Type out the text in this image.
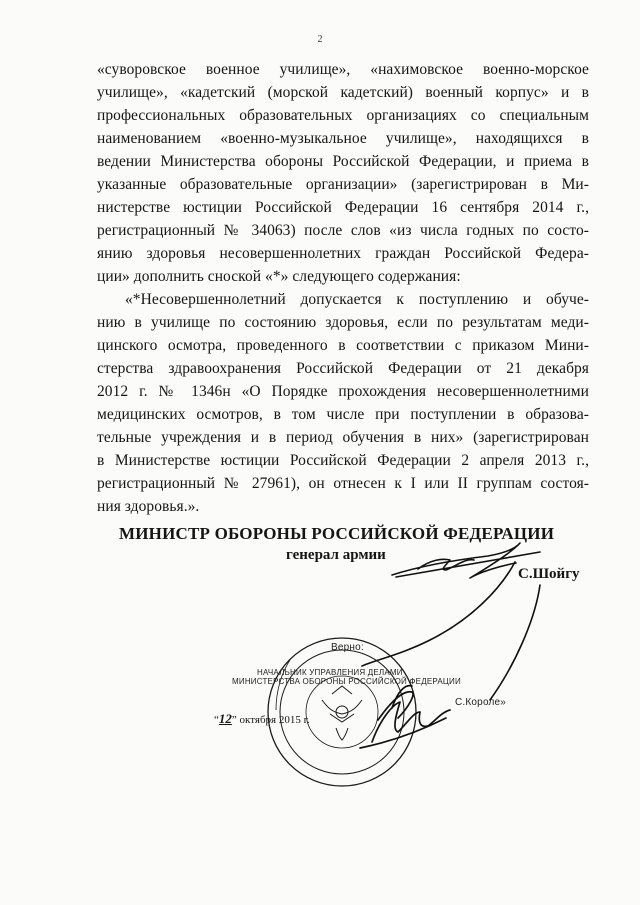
2

«суворовское военное училище», «нахимовское военно-морское

училище», «кадетский (морской кадетский) военный корпус» и в

профессиональных образовательных организациях со специальным

наименованием «военно-музыкальное училище», находящихся в

ведении Министерства обороны Российской Федерации, и приема в

указанные образовательные организации» (зарегистрирован в Ми-

нистерстве юстиции Российской Федерации 16 сентября 2014 г.,

регистрационный № 34063) после слов «из числа годных по состо-

янию здоровья несовершеннолетних граждан Российской Федера-

ции» дополнить сноской «*» следующего содержания:

«*Несовершеннолетний допускается к поступлению и обуче-

нию в училище по состоянию здоровья, если по результатам меди-

цинского осмотра, проведенного в соответствии с приказом Мини-

стерства здравоохранения Российской Федерации от 21 декабря

2012 г. № 1346н «О Порядке прохождения несовершеннолетними

медицинских осмотров, в том числе при поступлении в образова-

тельные учреждения и в период обучения в них» (зарегистрирован

в Министерстве юстиции Российской Федерации 2 апреля 2013 г.,

регистрационный № 27961), он отнесен к I или II группам состоя-

ния здоровья.».

МИНИСТР ОБОРОНЫ РОССИЙСКОЙ ФЕДЕРАЦИИ

генерал армии

С.Шойгу

Верно:

НАЧАЛЬНИК УПРАВЛЕНИЯ ДЕЛАМИ

МИНИСТЕРСТВА ОБОРОНЫ РОССИЙСКОЙ ФЕДЕРАЦИИ

С.Короле»

“12” октября 2015 г.
